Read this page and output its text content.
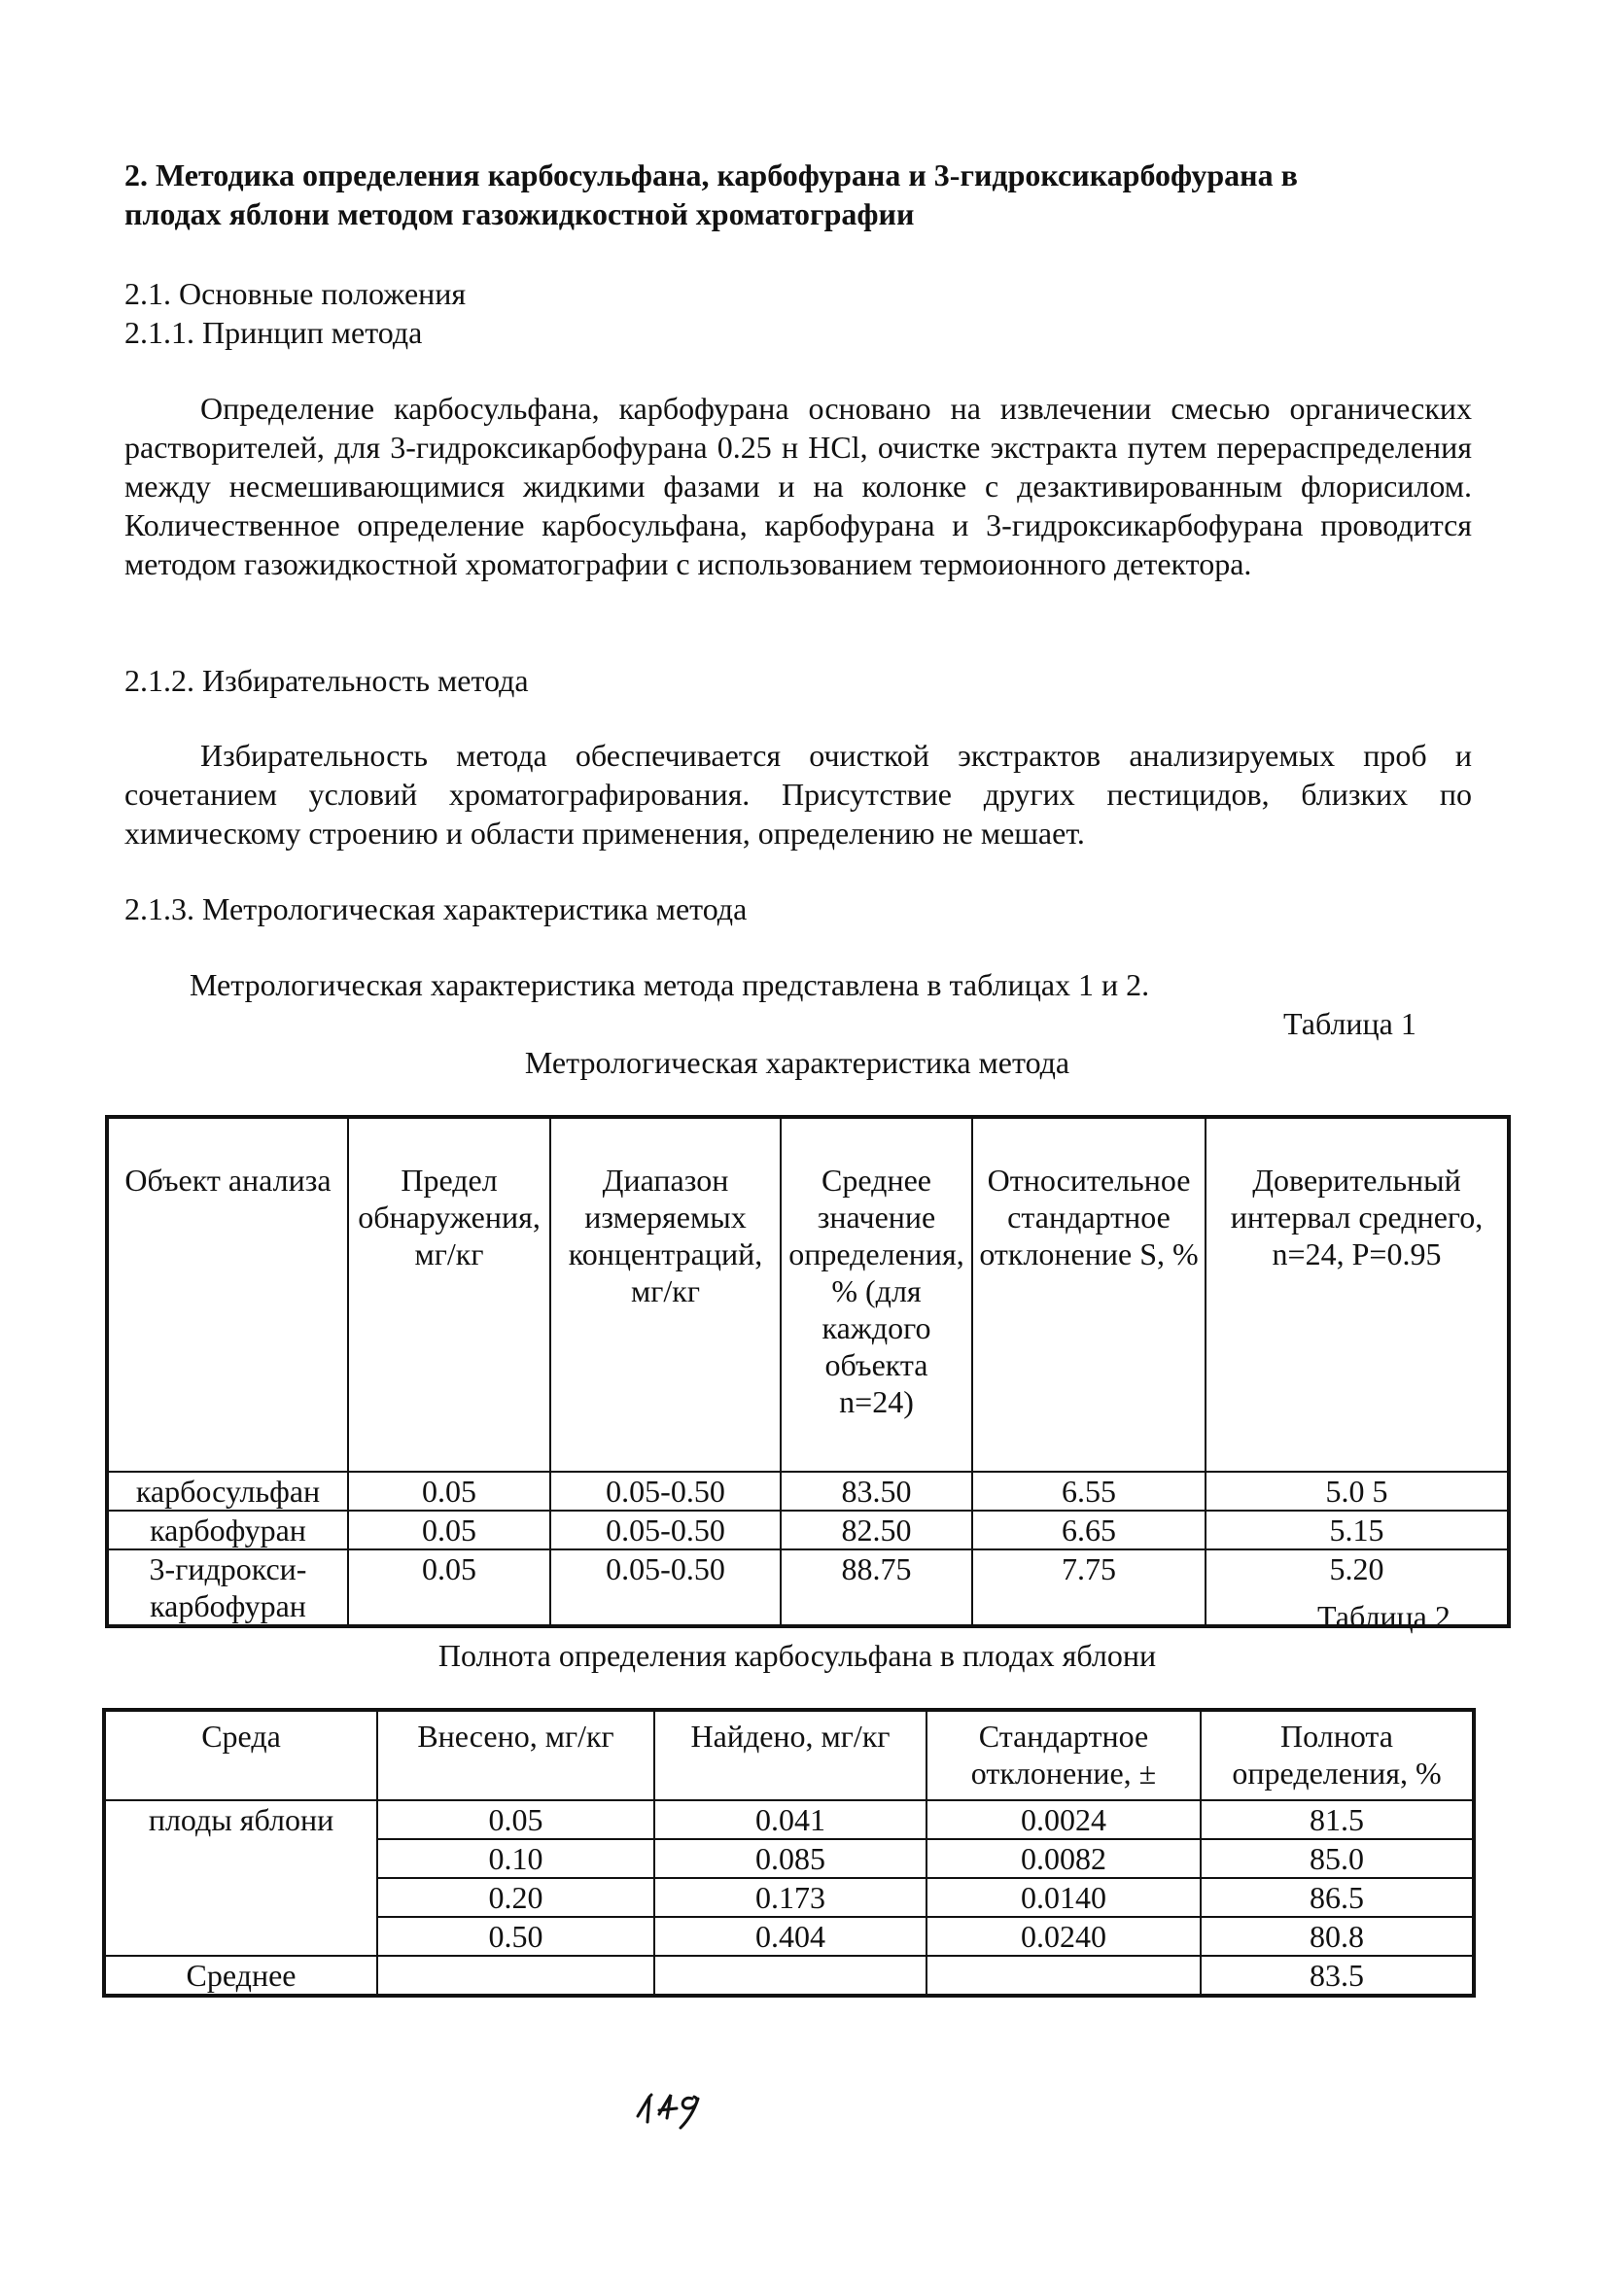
2. Методика определения карбосульфана, карбофурана и 3-гидроксикарбофурана в
плодах яблони методом газожидкостной хроматографии
2.1. Основные положения
2.1.1. Принцип метода
Определение карбосульфана, карбофурана основано на извлечении смесью органических растворителей, для 3-гидроксикарбофурана 0.25 н HCl, очистке экстракта путем перераспределения между несмешивающимися жидкими фазами и на колонке с дезактивированным флорисилом. Количественное определение карбосульфана, карбофурана и 3-гидроксикарбофурана проводится методом газожидкостной хроматографии с использованием термоионного детектора.
2.1.2. Избирательность метода
Избирательность метода обеспечивается очисткой экстрактов анализируемых проб и сочетанием условий хроматографирования. Присутствие других пестицидов, близких по химическому строению и области применения, определению не мешает.
2.1.3. Метрологическая характеристика метода
Метрологическая характеристика метода представлена в таблицах 1 и 2.
Таблица 1
Метрологическая характеристика метода
Объект анализа	Предел обнаружения, мг/кг	Диапазон измеряемых концентраций, мг/кг	Среднее значение определения, % (для каждого объекта n=24)	Относительное стандартное отклонение S, %	Доверительный интервал среднего, n=24, P=0.95
карбосульфан	0.05	0.05-0.50	83.50	6.55	5.0 5
карбофуран	0.05	0.05-0.50	82.50	6.65	5.15
3-гидрокси-карбофуран	0.05	0.05-0.50	88.75	7.75	5.20
Таблица 2
Полнота определения карбосульфана в плодах яблони
Среда	Внесено, мг/кг	Найдено, мг/кг	Стандартное отклонение, ±	Полнота определения, %
плоды яблони	0.05	0.041	0.0024	81.5
	0.10	0.085	0.0082	85.0
	0.20	0.173	0.0140	86.5
	0.50	0.404	0.0240	80.8
Среднее				83.5
